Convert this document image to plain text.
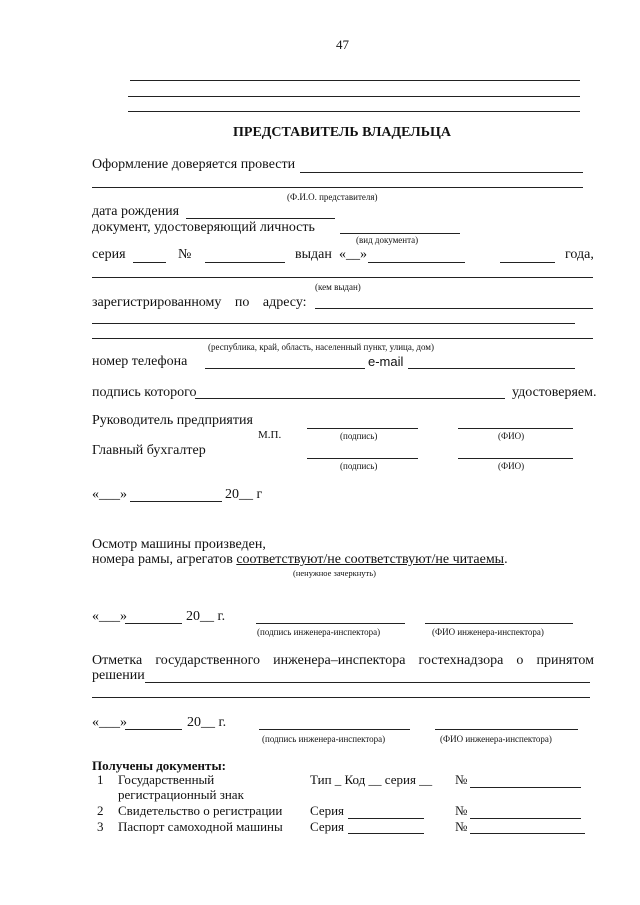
47
ПРЕДСТАВИТЕЛЬ ВЛАДЕЛЬЦА
Оформление доверяется провести
(Ф.И.О. представителя)
дата рождения
документ, удостоверяющий личность
(вид документа)
серия	№	выдан «__»	года,
(кем выдан)
зарегистрированному по адресу:
(республика, край, область, населенный пункт, улица, дом)
номер телефона	e-mail
подпись которого	удостоверяем.
Руководитель предприятия
М.П.	(подпись)	(ФИО)
Главный бухгалтер
(подпись)	(ФИО)
«___»	20__ г
Осмотр машины произведен,
номера рамы, агрегатов соответствуют/не соответствуют/не читаемы.
(ненужное зачеркнуть)
«___»	20__ г.
(подпись инженера-инспектора)	(ФИО инженера-инспектора)
Отметка государственного инженера–инспектора гостехнадзора о принятом
решении
«___»	20__ г.
(подпись инженера-инспектора)	(ФИО инженера-инспектора)
Получены документы:
1 Государственный
регистрационный знак
Тип _ Код __ серия __ №
2 Свидетельство о регистрации Серия	№
3 Паспорт самоходной машины Серия	№
